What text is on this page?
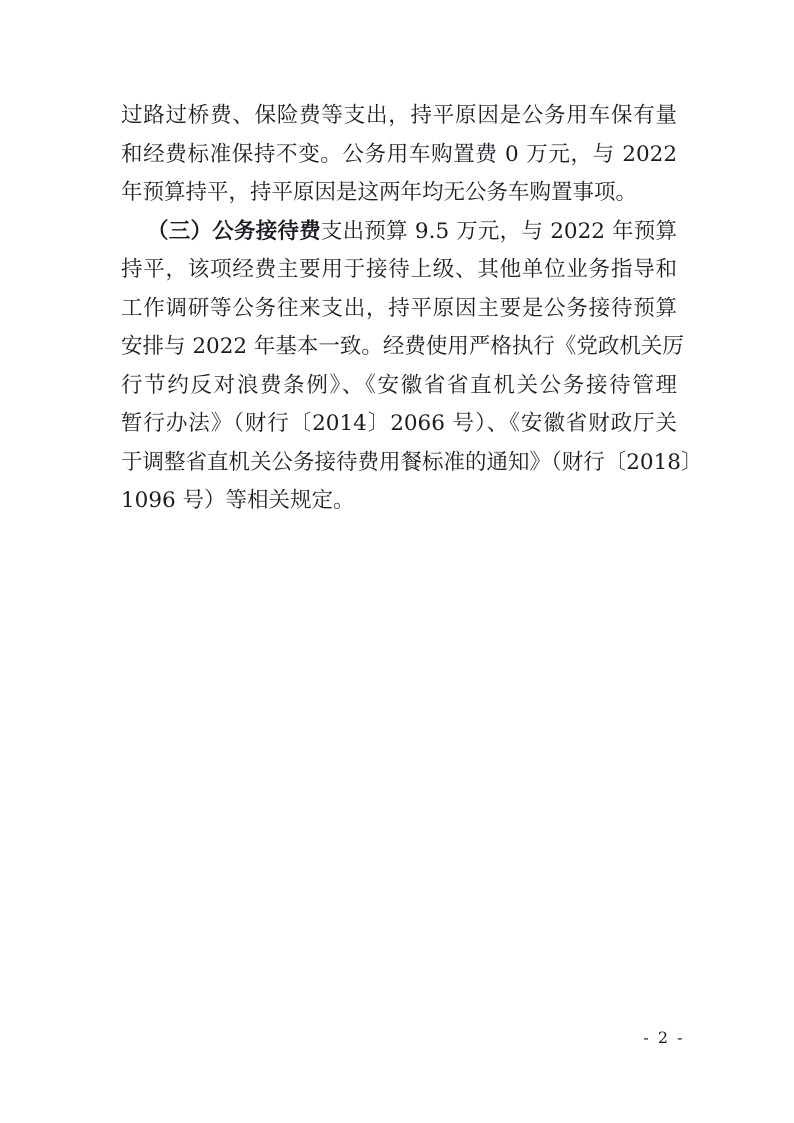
过路过桥费、保险费等支出，持平原因是公务用车保有量
和经费标准保持不变。公务用车购置费 0 万元，与 2022
年预算持平，持平原因是这两年均无公务车购置事项。
（三）公务接待费支出预算 9.5 万元，与 2022 年预算
持平，该项经费主要用于接待上级、其他单位业务指导和
工作调研等公务往来支出，持平原因主要是公务接待预算
安排与 2022 年基本一致。经费使用严格执行《党政机关厉
行节约反对浪费条例》、《安徽省省直机关公务接待管理
暂行办法》（财行〔2014〕2066 号）、《安徽省财政厅关
于调整省直机关公务接待费用餐标准的通知》（财行〔2018〕
1096 号）等相关规定。
- 2 -
